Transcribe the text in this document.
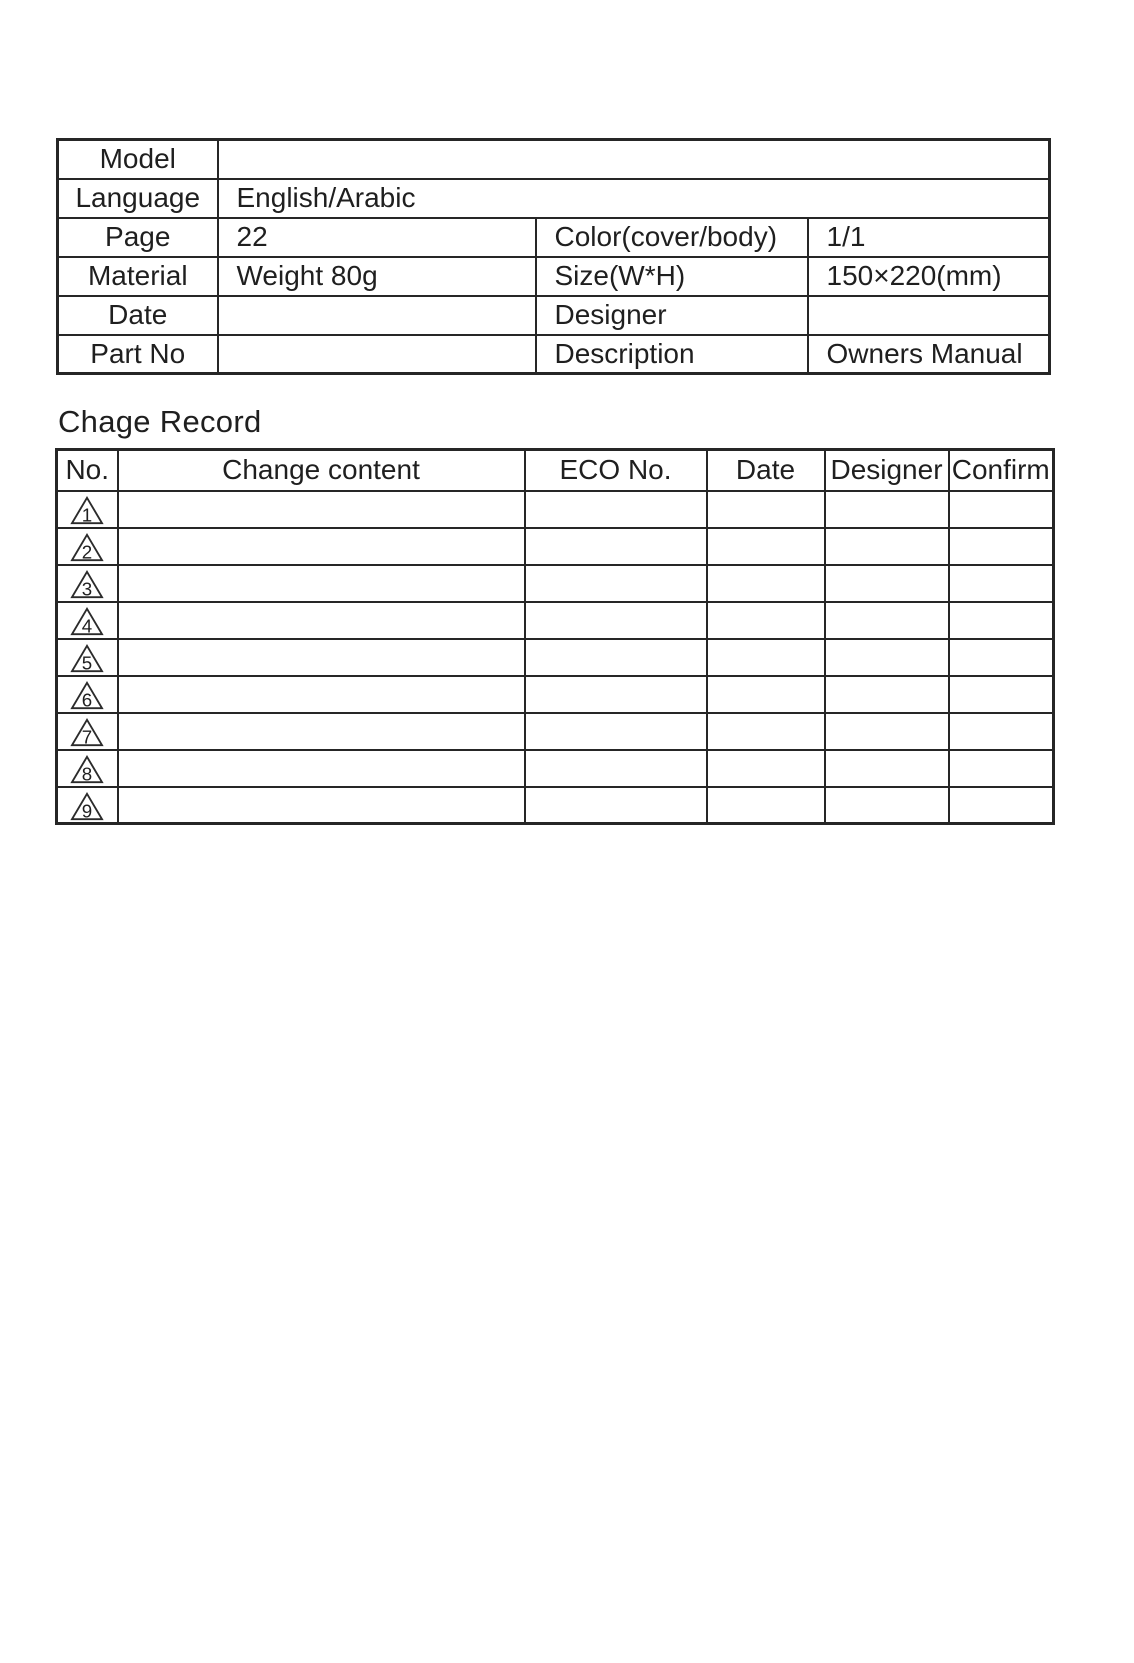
Model			
Language	English/Arabic		
Page	22	Color(cover/body)	1/1
Material	Weight 80g	Size(W*H)	150×220(mm)
Date		Designer	
Part No		Description	Owners Manual
Chage Record
No.	Change content	ECO No.	Date	Designer	Confirm

1					

2					

3					

4					

5					

6					

7					

8					

9					
